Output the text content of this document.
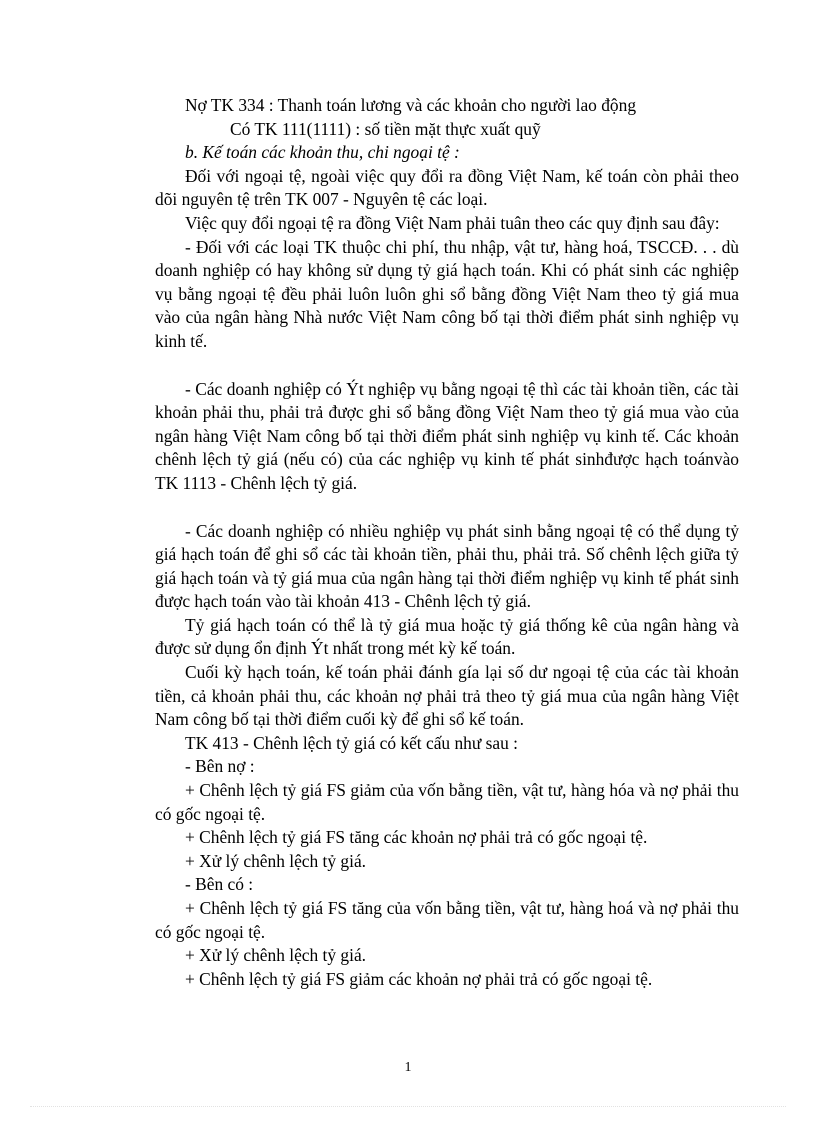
Nợ TK 334 : Thanh toán lương và các khoản cho người lao động

Có TK 111(1111) : số tiền mặt thực xuất quỹ

b. Kế toán các khoản thu, chi ngoại tệ :

Đối với ngoại tệ, ngoài việc quy đổi ra đồng Việt Nam, kế toán còn phải theo dõi nguyên tệ trên TK 007 - Nguyên tệ các loại.

Việc quy đổi ngoại tệ ra đồng Việt Nam phải tuân theo các quy định sau đây:

- Đối với các loại TK thuộc chi phí, thu nhập, vật tư, hàng hoá, TSCCĐ. . . dù doanh nghiệp có hay không sử dụng tỷ giá hạch toán. Khi có phát sinh các nghiệp vụ bằng ngoại tệ đều phải luôn luôn ghi sổ bằng đồng Việt Nam theo tỷ giá mua vào của ngân hàng Nhà nước Việt Nam công bố tại thời điểm phát sinh nghiệp vụ kinh tế.

- Các doanh nghiệp có Ýt nghiệp vụ bằng ngoại tệ thì các tài khoản tiền, các tài khoản phải thu, phải trả được ghi sổ bằng đồng Việt Nam theo tỷ giá mua vào của ngân hàng Việt Nam công bố tại thời điểm phát sinh nghiệp vụ kinh tế. Các khoản chênh lệch tỷ giá (nếu có) của các nghiệp vụ kinh tế phát sinhđược hạch toánvào TK 1113 - Chênh lệch tỷ giá.

- Các doanh nghiệp có nhiều nghiệp vụ phát sinh bằng ngoại tệ có thể dụng tỷ giá hạch toán để ghi sổ các tài khoản tiền, phải thu, phải trả. Số chênh lệch giữa tỷ giá hạch toán và tỷ giá mua của ngân hàng tại thời điểm nghiệp vụ kinh tế phát sinh được hạch toán vào tài khoản 413 - Chênh lệch tỷ giá.

Tỷ giá hạch toán có thể là tỷ giá mua hoặc tỷ giá thống kê của ngân hàng và được sử dụng ổn định Ýt nhất trong mét kỳ kế toán.

Cuối kỳ hạch toán, kế toán phải đánh gía lại số dư ngoại tệ của các tài khoản tiền, cả khoản phải thu, các khoản nợ phải trả theo tỷ giá mua của ngân hàng Việt Nam công bố tại thời điểm cuối kỳ để ghi sổ kế toán.

TK 413 - Chênh lệch tỷ giá có kết cấu như sau :

- Bên nợ :

+ Chênh lệch tỷ giá FS giảm của vốn bằng tiền, vật tư, hàng hóa và nợ phải thu có gốc ngoại tệ.

+ Chênh lệch tỷ giá FS tăng các khoản nợ phải trả có gốc ngoại tệ.

+ Xử lý chênh lệch tỷ giá.

- Bên có :

+ Chênh lệch tỷ giá FS tăng của vốn bằng tiền, vật tư, hàng hoá và nợ phải thu có gốc ngoại tệ.

+ Xử lý chênh lệch tỷ giá.

+ Chênh lệch tỷ giá FS giảm các khoản nợ phải trả có gốc ngoại tệ.

1
